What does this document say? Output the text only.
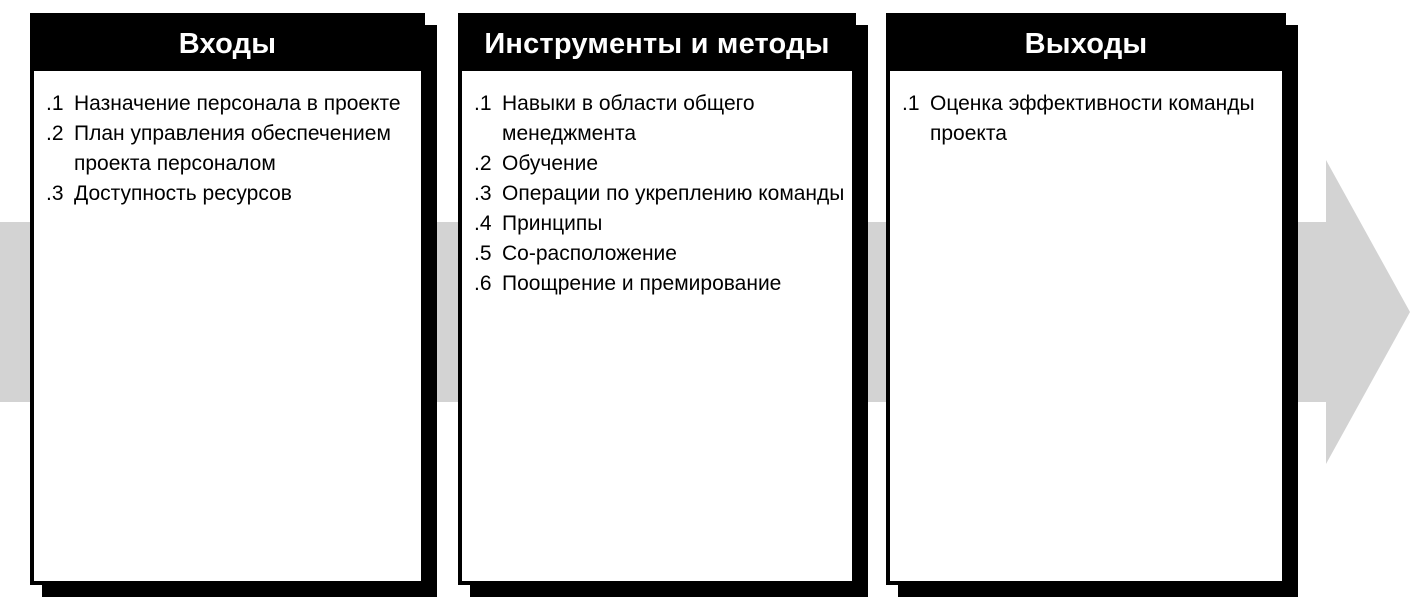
Входы
.1 Назначение персонала в проекте
.2 План управления обеспечением проекта персоналом
.3 Доступность ресурсов
Инструменты и методы
.1 Навыки в области общего менеджмента
.2 Обучение
.3 Операции по укреплению команды
.4 Принципы
.5 Со-расположение
.6 Поощрение и премирование
Выходы
.1 Оценка эффективности команды проекта
